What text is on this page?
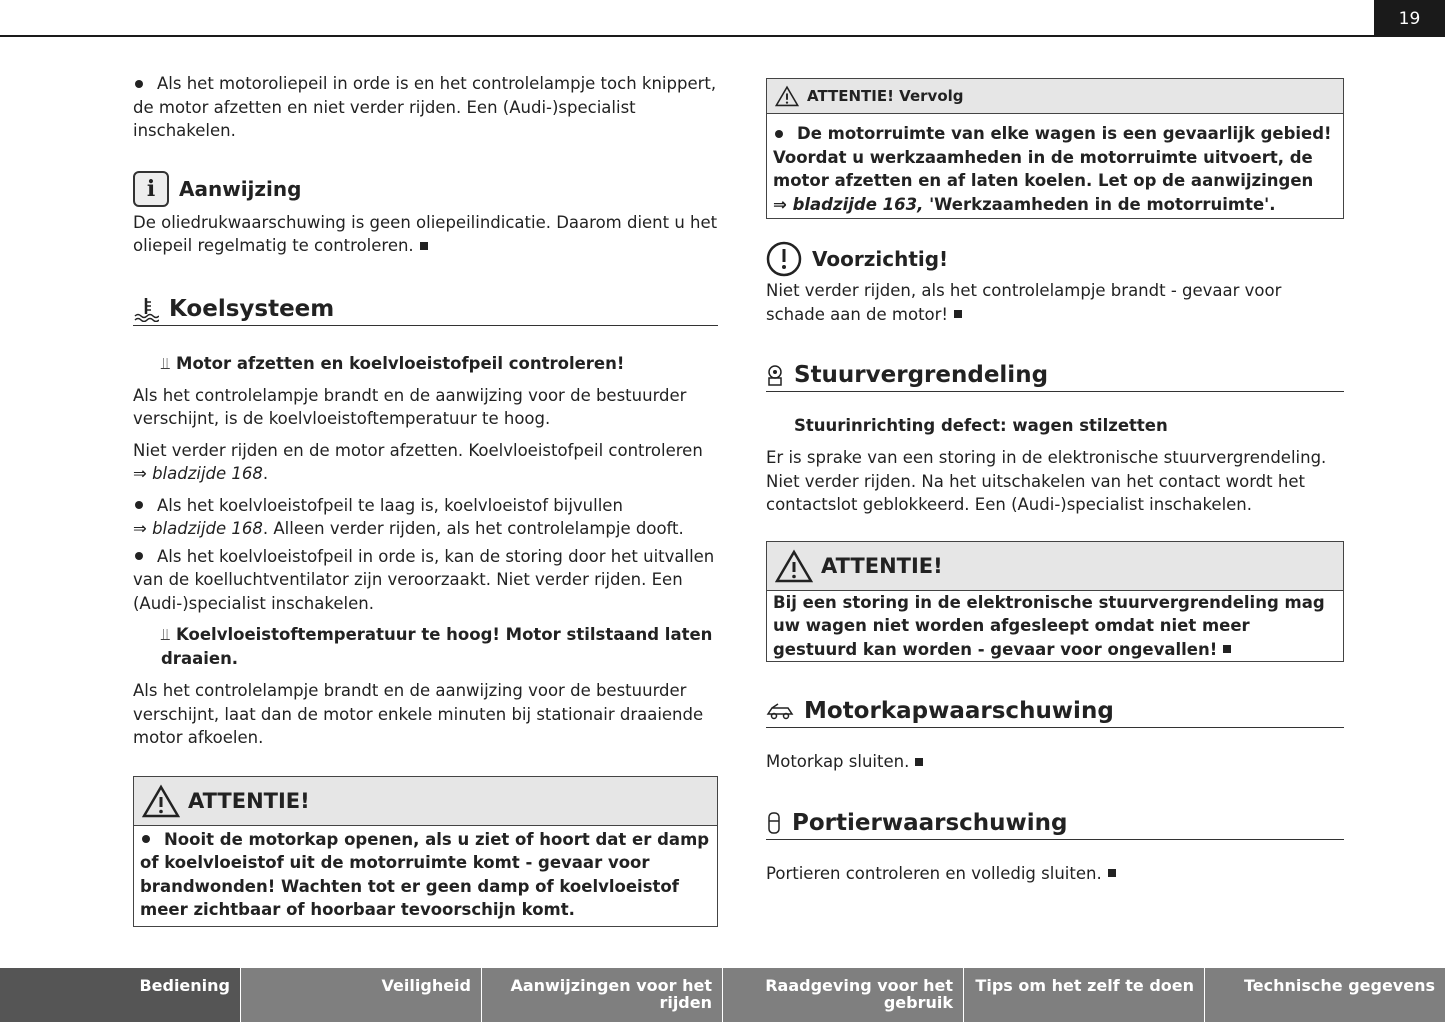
19

Als het motoroliepeil in orde is en het controlelampje toch knippert, de motor afzetten en niet verder rijden. Een (Audi-)specialist inschakelen.

i	Aanwijzing

De oliedrukwaarschuwing is geen oliepeilindicatie. Daarom dient u het oliepeil regelmatig te controleren.

Koelsysteem

⫫ Motor afzetten en koelvloeistofpeil controleren!

Als het controlelampje brandt en de aanwijzing voor de bestuurder verschijnt, is de koelvloeistoftemperatuur te hoog.

Niet verder rijden en de motor afzetten. Koelvloeistofpeil controleren
⇒ bladzijde 168.

Als het koelvloeistofpeil te laag is, koelvloeistof bijvullen
⇒ bladzijde 168. Alleen verder rijden, als het controlelampje dooft.

Als het koelvloeistofpeil in orde is, kan de storing door het uitvallen van de koelluchtventilator zijn veroorzaakt. Niet verder rijden. Een (Audi-)specialist inschakelen.

⫫ Koelvloeistoftemperatuur te hoog! Motor stilstaand laten draaien.

Als het controlelampje brandt en de aanwijzing voor de bestuurder verschijnt, laat dan de motor enkele minuten bij stationair draaiende motor afkoelen.

ATTENTIE!
Nooit de motorkap openen, als u ziet of hoort dat er damp of koelvloeistof uit de motorruimte komt - gevaar voor brandwonden! Wachten tot er geen damp of koelvloeistof meer zichtbaar of hoorbaar tevoorschijn komt.
ATTENTIE! Vervolg
De motorruimte van elke wagen is een gevaarlijk gebied! Voordat u werkzaamheden in de motorruimte uitvoert, de motor afzetten en af laten koelen. Let op de aanwijzingen
⇒ bladzijde 163, 'Werkzaamheden in de motorruimte'.
Voorzichtig!

Niet verder rijden, als het controlelampje brandt - gevaar voor schade aan de motor!

Stuurvergrendeling

Stuurinrichting defect: wagen stilzetten

Er is sprake van een storing in de elektronische stuurvergrendeling. Niet verder rijden. Na het uitschakelen van het contact wordt het contactslot geblokkeerd. Een (Audi-)specialist inschakelen.

ATTENTIE!
Bij een storing in de elektronische stuurvergrendeling mag uw wagen niet worden afgesleept omdat niet meer gestuurd kan worden - gevaar voor ongevallen!
Motorkapwaarschuwing

Motorkap sluiten.

Portierwaarschuwing

Portieren controleren en volledig sluiten.

Bediening	Veiligheid	Aanwijzingen voor het rijden
Raadgeving voor het gebruik
Tips om het zelf te doen	Technische gegevens
